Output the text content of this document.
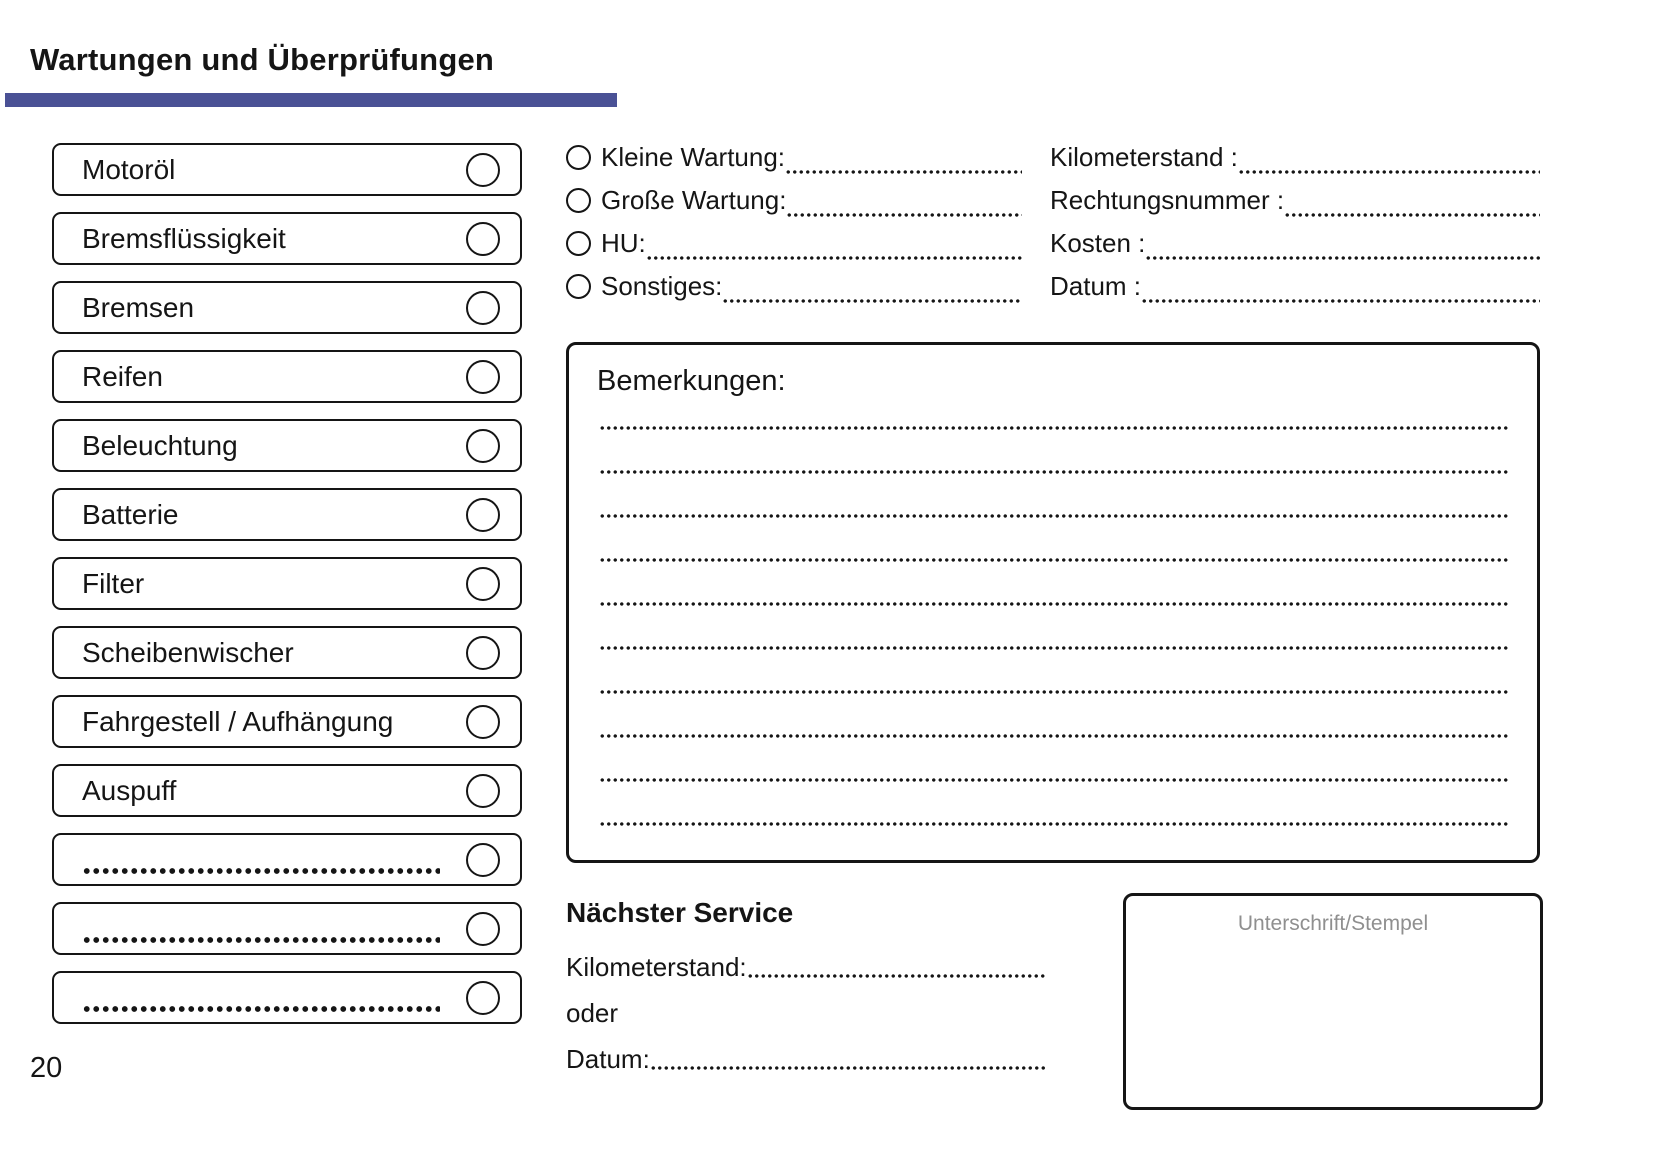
Wartungen und Überprüfungen
Motoröl
Bremsflüssigkeit
Bremsen
Reifen
Beleuchtung
Batterie
Filter
Scheibenwischer
Fahrgestell / Aufhängung
Auspuff
Kleine Wartung:
Große Wartung:
HU:
Sonstiges:
Kilometerstand :
Rechtungsnummer :
Kosten :
Datum :
Bemerkungen:
Nächster Service
Kilometerstand:
oder
Datum:
Unterschrift/Stempel
20
